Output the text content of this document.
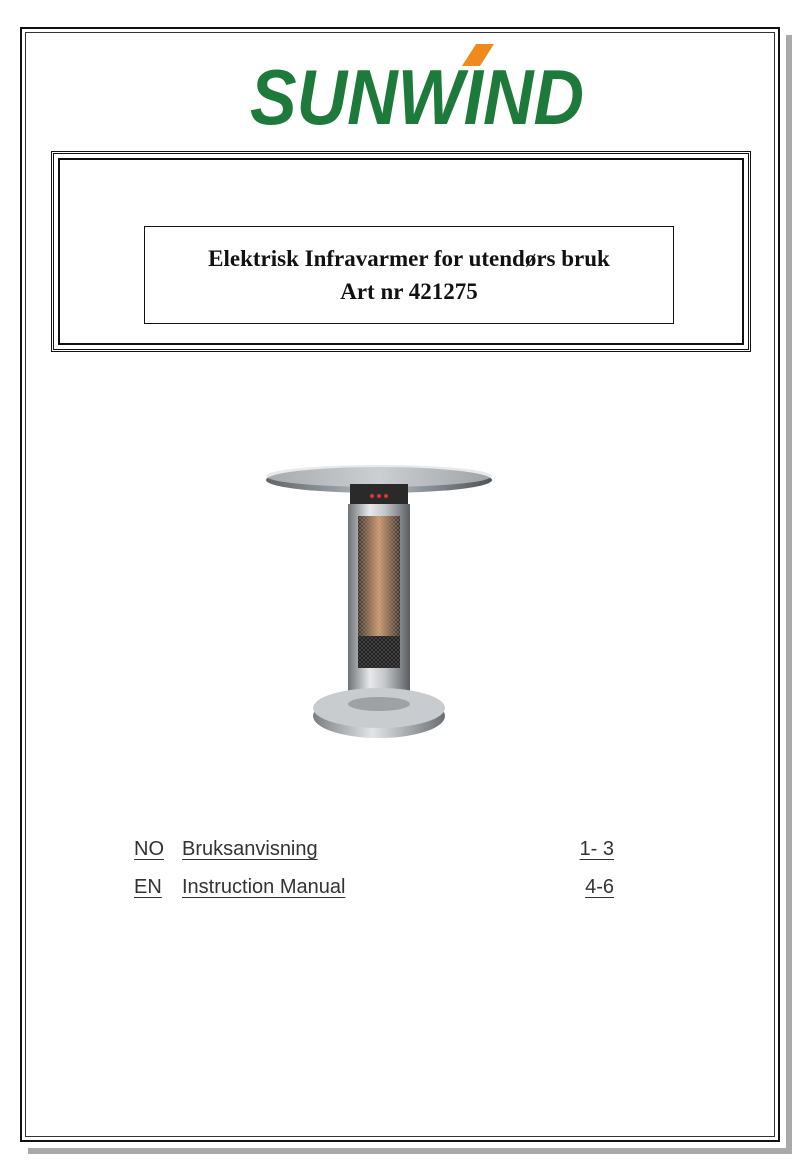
SUNWIND
Elektrisk Infravarmer for utendørs bruk
Art nr 421275
NO Bruksanvisning	1- 3
EN Instruction Manual	4-6
